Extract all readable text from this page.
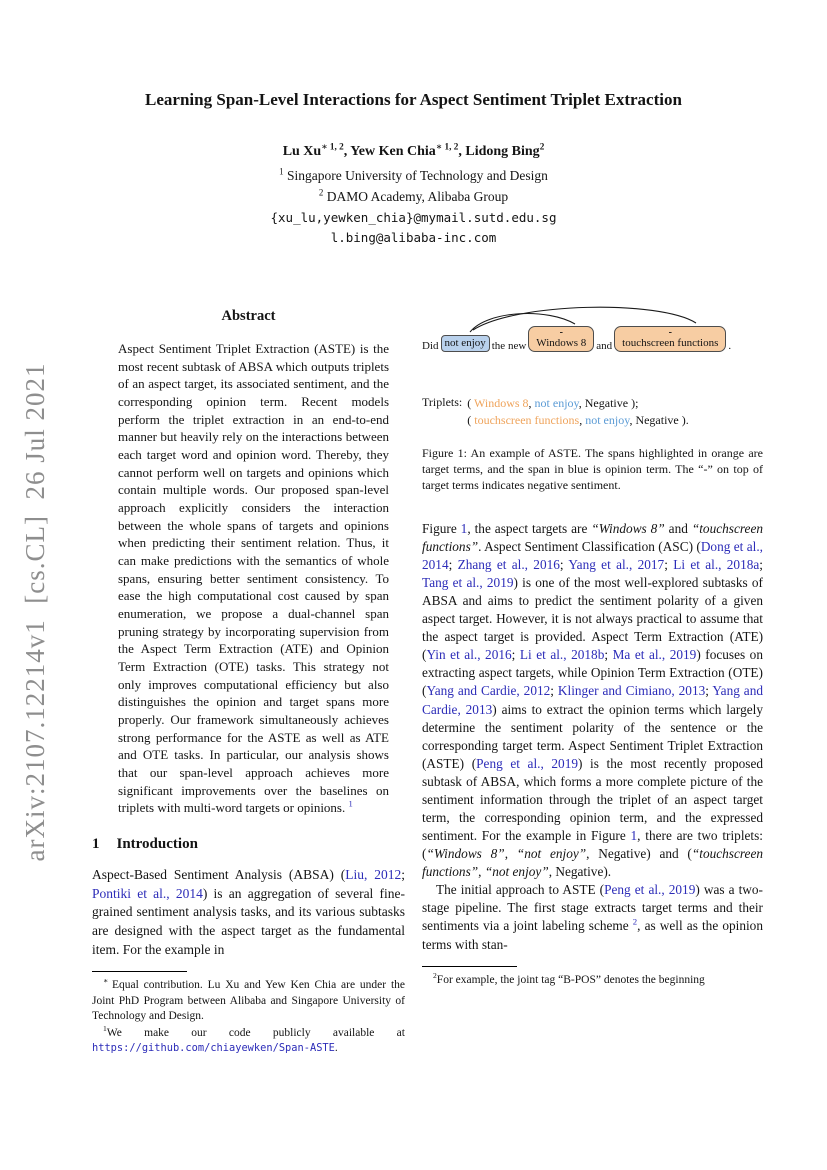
arXiv:2107.12214v1  [cs.CL]  26 Jul 2021
Learning Span-Level Interactions for Aspect Sentiment Triplet Extraction
Lu $Xu^{∗ 1, 2}$, Yew Ken Chia$^{∗ 1, 2}$, Lidong Bing$^2$
$^1$ Singapore University of Technology and Design
$^2$ DAMO Academy, Alibaba Group
{xu_lu,yewken_chia}@mymail.sutd.edu.sg
l.bing@alibaba-inc.com
Abstract

Aspect Sentiment Triplet Extraction (ASTE) is the most recent subtask of ABSA which outputs triplets of an aspect target, its associated sentiment, and the corresponding opinion term. Recent models perform the triplet extraction in an end-to-end manner but heavily rely on the interactions between each target word and opinion word. Thereby, they cannot perform well on targets and opinions which contain multiple words. Our proposed span-level approach explicitly considers the interaction between the whole spans of targets and opinions when predicting their sentiment relation. Thus, it can make predictions with the semantics of whole spans, ensuring better sentiment consistency. To ease the high computational cost caused by span enumeration, we propose a dual-channel span pruning strategy by incorporating supervision from the Aspect Term Extraction (ATE) and Opinion Term Extraction (OTE) tasks. This strategy not only improves computational efficiency but also distinguishes the opinion and target spans more properly. Our framework simultaneously achieves strong performance for the ASTE as well as ATE and OTE tasks. In particular, our analysis shows that our span-level approach achieves more significant improvements over the baselines on triplets with multi-word targets or opinions. $^1$

1 Introduction

Aspect-Based Sentiment Analysis (ABSA) (Liu, 2012; Pontiki et al., 2014) is an aggregation of several fine-grained sentiment analysis tasks, and its various subtasks are designed with the aspect target as the fundamental item. For the example in

∗ Equal contribution. Lu Xu and Yew Ken Chia are under the Joint PhD Program between Alibaba and Singapore University of Technology and Design.

$^1$We make our code publicly available at https://github.com/chiayewken/Span-ASTE.

Did not enjoy the new
-
Windows 8 and
-
touchscreen functions .
Triplets: ( Windows 8, not enjoy, Negative );
( touchscreen functions, not enjoy, Negative ).
Figure 1: An example of ASTE. The spans highlighted in orange are target terms, and the span in blue is opinion term. The “-” on top of target terms indicates negative sentiment.

Figure 1, the aspect targets are “Windows 8” and “touchscreen functions”. Aspect Sentiment Classification (ASC) (Dong et al., 2014; Zhang et al., 2016; Yang et al., 2017; Li et al., 2018a; Tang et al., 2019) is one of the most well-explored subtasks of ABSA and aims to predict the sentiment polarity of a given aspect target. However, it is not always practical to assume that the aspect target is provided. Aspect Term Extraction (ATE) (Yin et al., 2016; Li et al., 2018b; Ma et al., 2019) focuses on extracting aspect targets, while Opinion Term Extraction (OTE) (Yang and Cardie, 2012; Klinger and Cimiano, 2013; Yang and Cardie, 2013) aims to extract the opinion terms which largely determine the sentiment polarity of the sentence or the corresponding target term. Aspect Sentiment Triplet Extraction (ASTE) (Peng et al., 2019) is the most recently proposed subtask of ABSA, which forms a more complete picture of the sentiment information through the triplet of an aspect target term, the corresponding opinion term, and the expressed sentiment. For the example in Figure 1, there are two triplets: (“Windows 8”, “not enjoy”, Negative) and (“touchscreen functions”, “not enjoy”, Negative).

The initial approach to ASTE (Peng et al., 2019) was a two-stage pipeline. The first stage extracts target terms and their sentiments via a joint labeling scheme $^2$, as well as the opinion terms with stan-

$^2$For example, the joint tag “B-POS” denotes the beginning
